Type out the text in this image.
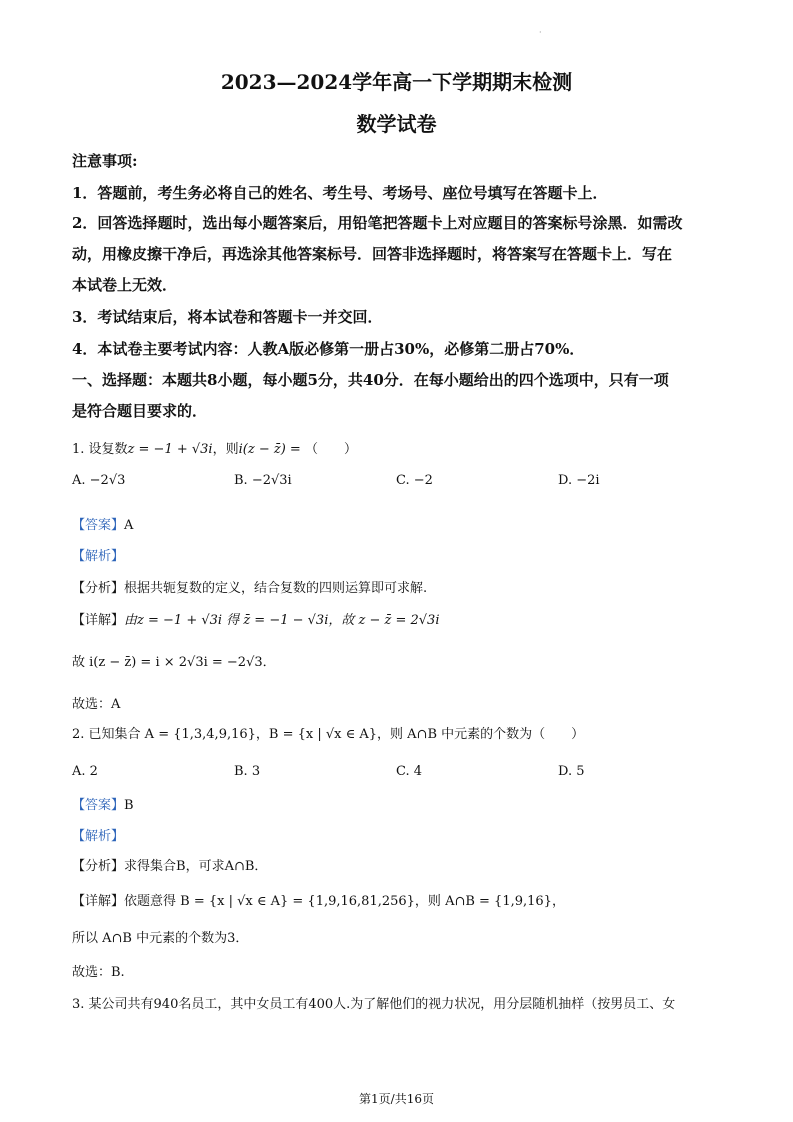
·
2023—2024学年高一下学期期末检测
数学试卷
注意事项:
1．答题前，考生务必将自己的姓名、考生号、考场号、座位号填写在答题卡上．
2．回答选择题时，选出每小题答案后，用铅笔把答题卡上对应题目的答案标号涂黑．如需改
动，用橡皮擦干净后，再选涂其他答案标号．回答非选择题时，将答案写在答题卡上．写在
本试卷上无效．
3．考试结束后，将本试卷和答题卡一并交回．
4．本试卷主要考试内容：人教A版必修第一册占30%，必修第二册占70%．
一、选择题：本题共8小题，每小题5分，共40分．在每小题给出的四个选项中，只有一项
是符合题目要求的．
1. 设复数z = −1 + √3i，则i(z − z̄) = （　　）
A. −2√3	B. −2√3i	C. −2	D. −2i
【答案】A
【解析】
【分析】根据共轭复数的定义，结合复数的四则运算即可求解.
【详解】由z = −1 + √3i 得 z̄ = −1 − √3i，故 z − z̄ = 2√3i
故 i(z − z̄) = i × 2√3i = −2√3．
故选：A
2. 已知集合 A = {1,3,4,9,16}，B = {x | √x ∈ A}，则 A∩B 中元素的个数为（　　）
A. 2	B. 3	C. 4	D. 5
【答案】B
【解析】
【分析】求得集合B，可求A∩B．
【详解】依题意得 B = {x | √x ∈ A} = {1,9,16,81,256}，则 A∩B = {1,9,16}，
所以 A∩B 中元素的个数为3．
故选：B.
3. 某公司共有940名员工，其中女员工有400人.为了解他们的视力状况，用分层随机抽样（按男员工、女
第1页/共16页
